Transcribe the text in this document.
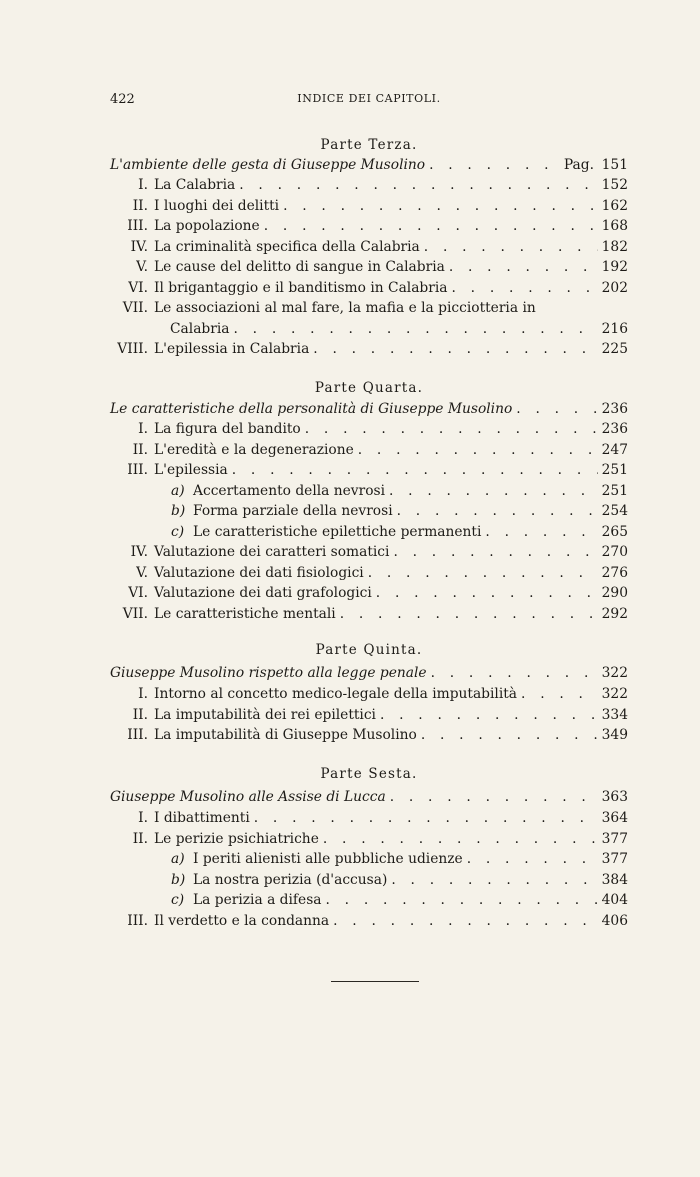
422	INDICE DEI CAPITOLI.
Parte Terza.
L'ambiente delle gesta di Giuseppe Musolino . . .	Pag. 151
I. La Calabria . . .	152
II. I luoghi dei delitti . . .	162
III. La popolazione . . .	168
IV. La criminalità specifica della Calabria . . .	182
V. Le cause del delitto di sangue in Calabria . . .	192
VI. Il brigantaggio e il banditismo in Calabria . . .	202
VII. Le associazioni al mal fare, la mafia e la picciotteria in
Calabria . . .	216
VIII. L'epilessia in Calabria . . .	225
Parte Quarta.
Le caratteristiche della personalità di Giuseppe Musolino . . .	236
I. La figura del bandito . . .	236
II. L'eredità e la degenerazione . . .	247
III. L'epilessia . . .	251
a) Accertamento della nevrosi . . .	251
b) Forma parziale della nevrosi . . .	254
c) Le caratteristiche epilettiche permanenti . . .	265
IV. Valutazione dei caratteri somatici . . .	270
V. Valutazione dei dati fisiologici . . .	276
VI. Valutazione dei dati grafologici . . .	290
VII. Le caratteristiche mentali . . .	292
Parte Quinta.
Giuseppe Musolino rispetto alla legge penale . . .	322
I. Intorno al concetto medico-legale della imputabilità . . .	322
II. La imputabilità dei rei epilettici . . .	334
III. La imputabilità di Giuseppe Musolino . . .	349
Parte Sesta.
Giuseppe Musolino alle Assise di Lucca . . .	363
I. I dibattimenti . . .	364
II. Le perizie psichiatriche . . .	377
a) I periti alienisti alle pubbliche udienze . . .	377
b) La nostra perizia (d'accusa) . . .	384
c) La perizia a difesa . . .	404
III. Il verdetto e la condanna . . .	406
